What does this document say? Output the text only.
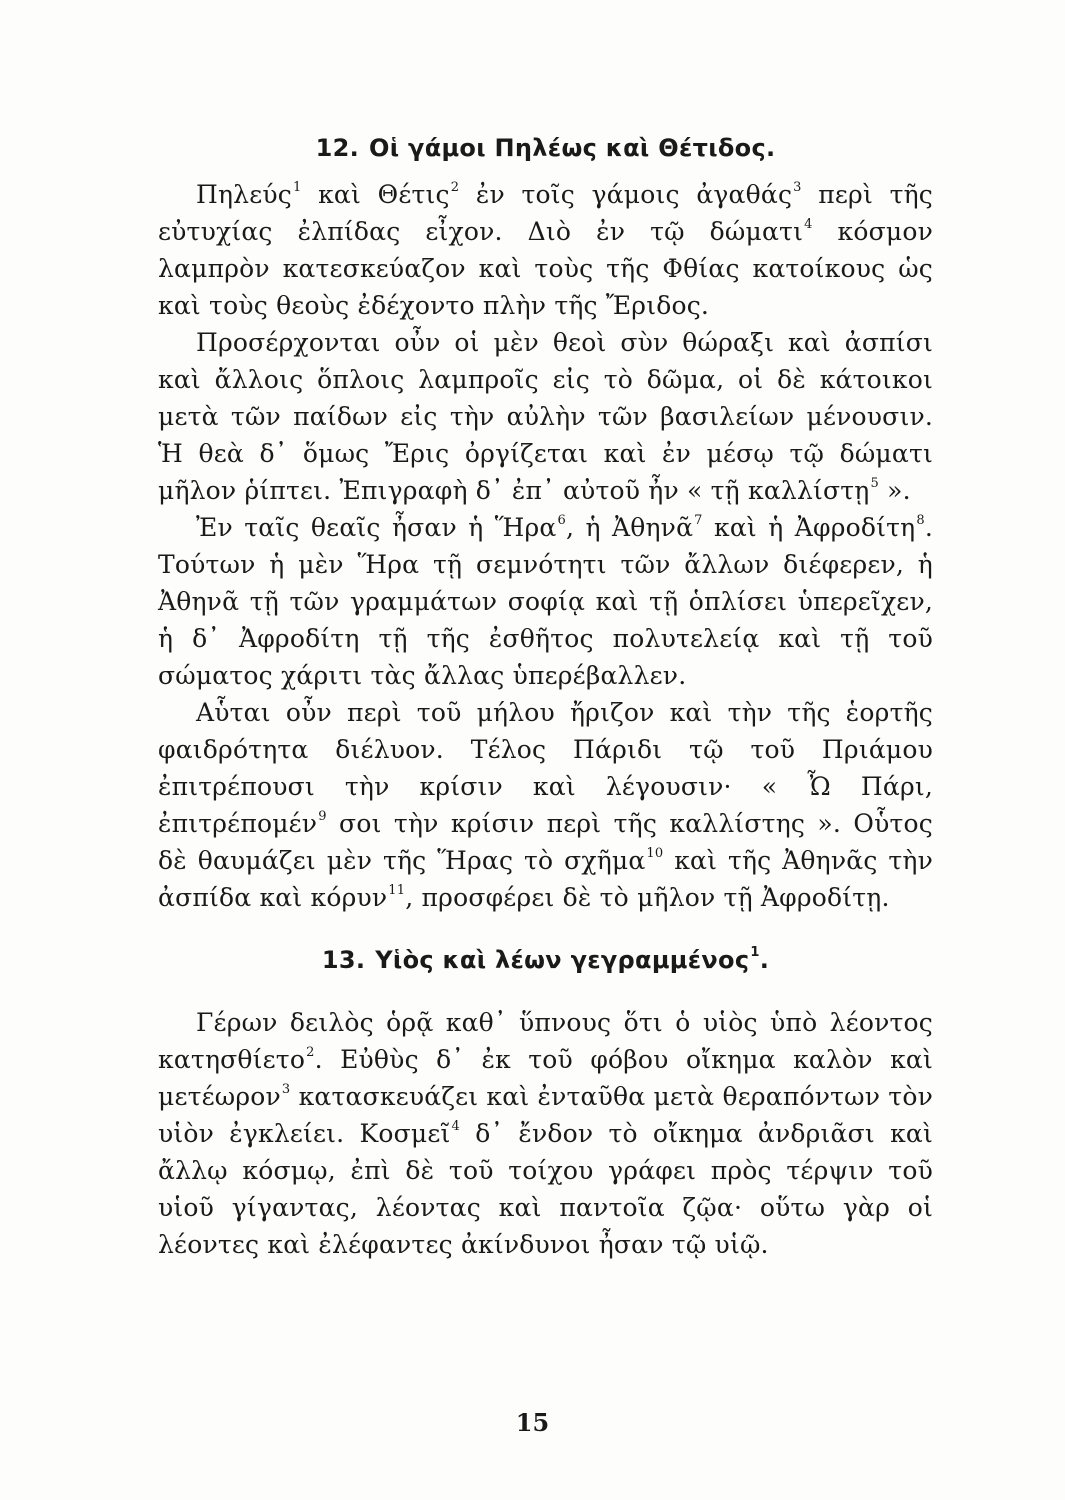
12. Οἱ γάμοι Πηλέως καὶ Θέτιδος.

Πηλεύς$^1$ καὶ Θέτις$^2$ ἐν τοῖς γάμοις ἀγαθάς$^3$ περὶ τῆς εὐτυχίας ἐλπίδας εἶχον. Διὸ ἐν τῷ δώματι$^4$ κόσμον λαμπρὸν κατεσκεύαζον καὶ τοὺς τῆς Φθίας κατοίκους ὡς καὶ τοὺς θεοὺς ἐδέχοντο πλὴν τῆς Ἔριδος.

Προσέρχονται οὖν οἱ μὲν θεοὶ σὺν θώραξι καὶ ἀσπίσι καὶ ἄλλοις ὅπλοις λαμπροῖς εἰς τὸ δῶμα, οἱ δὲ κάτοικοι μετὰ τῶν παίδων εἰς τὴν αὐλὴν τῶν βασιλείων μένουσιν. Ἡ θεὰ δ᾿ ὅμως Ἔρις ὀργίζεται καὶ ἐν μέσῳ τῷ δώματι μῆλον ῥίπτει. Ἐπιγραφὴ δ᾿ ἐπ᾿ αὐτοῦ ἦν « τῇ καλλίστῃ$^5$ ».

Ἐν ταῖς θεαῖς ἦσαν ἡ Ἥρα$^6$, ἡ Ἀθηνᾶ$^7$ καὶ ἡ Ἀφροδίτη$^8$. Τούτων ἡ μὲν Ἥρα τῇ σεμνότητι τῶν ἄλλων διέφερεν, ἡ Ἀθηνᾶ τῇ τῶν γραμμάτων σοφίᾳ καὶ τῇ ὁπλίσει ὑπερεῖχεν, ἡ δ᾿ Ἀφροδίτη τῇ τῆς ἐσθῆτος πολυτελείᾳ καὶ τῇ τοῦ σώματος χάριτι τὰς ἄλλας ὑπερέβαλλεν.

Αὗται οὖν περὶ τοῦ μήλου ἤριζον καὶ τὴν τῆς ἑορτῆς φαιδρότητα διέλυον. Τέλος Πάριδι τῷ τοῦ Πριάμου ἐπιτρέπουσι τὴν κρίσιν καὶ λέγουσιν· « Ὦ Πάρι, ἐπιτρέπομέν$^9$ σοι τὴν κρίσιν περὶ τῆς καλλίστης ». Οὗτος δὲ θαυμάζει μὲν τῆς Ἥρας τὸ σχῆμα$^{10}$ καὶ τῆς Ἀθηνᾶς τὴν ἀσπίδα καὶ κόρυν$^{11}$, προσφέρει δὲ τὸ μῆλον τῇ Ἀφροδίτῃ.

13. Υἱὸς καὶ λέων γεγραμμένος$^1$.

Γέρων δειλὸς ὁρᾷ καθ᾿ ὕπνους ὅτι ὁ υἱὸς ὑπὸ λέοντος κατησθίετο$^2$. Εὐθὺς δ᾿ ἐκ τοῦ φόβου οἴκημα καλὸν καὶ μετέωρον$^3$ κατασκευάζει καὶ ἐνταῦθα μετὰ θεραπόντων τὸν υἱὸν ἐγκλείει. Κοσμεῖ$^4$ δ᾿ ἔνδον τὸ οἴκημα ἀνδριᾶσι καὶ ἄλλῳ κόσμῳ, ἐπὶ δὲ τοῦ τοίχου γράφει πρὸς τέρψιν τοῦ υἱοῦ γίγαντας, λέοντας καὶ παντοῖα ζῷα· οὕτω γὰρ οἱ λέοντες καὶ ἐλέφαντες ἀκίνδυνοι ἦσαν τῷ υἱῷ.

15
